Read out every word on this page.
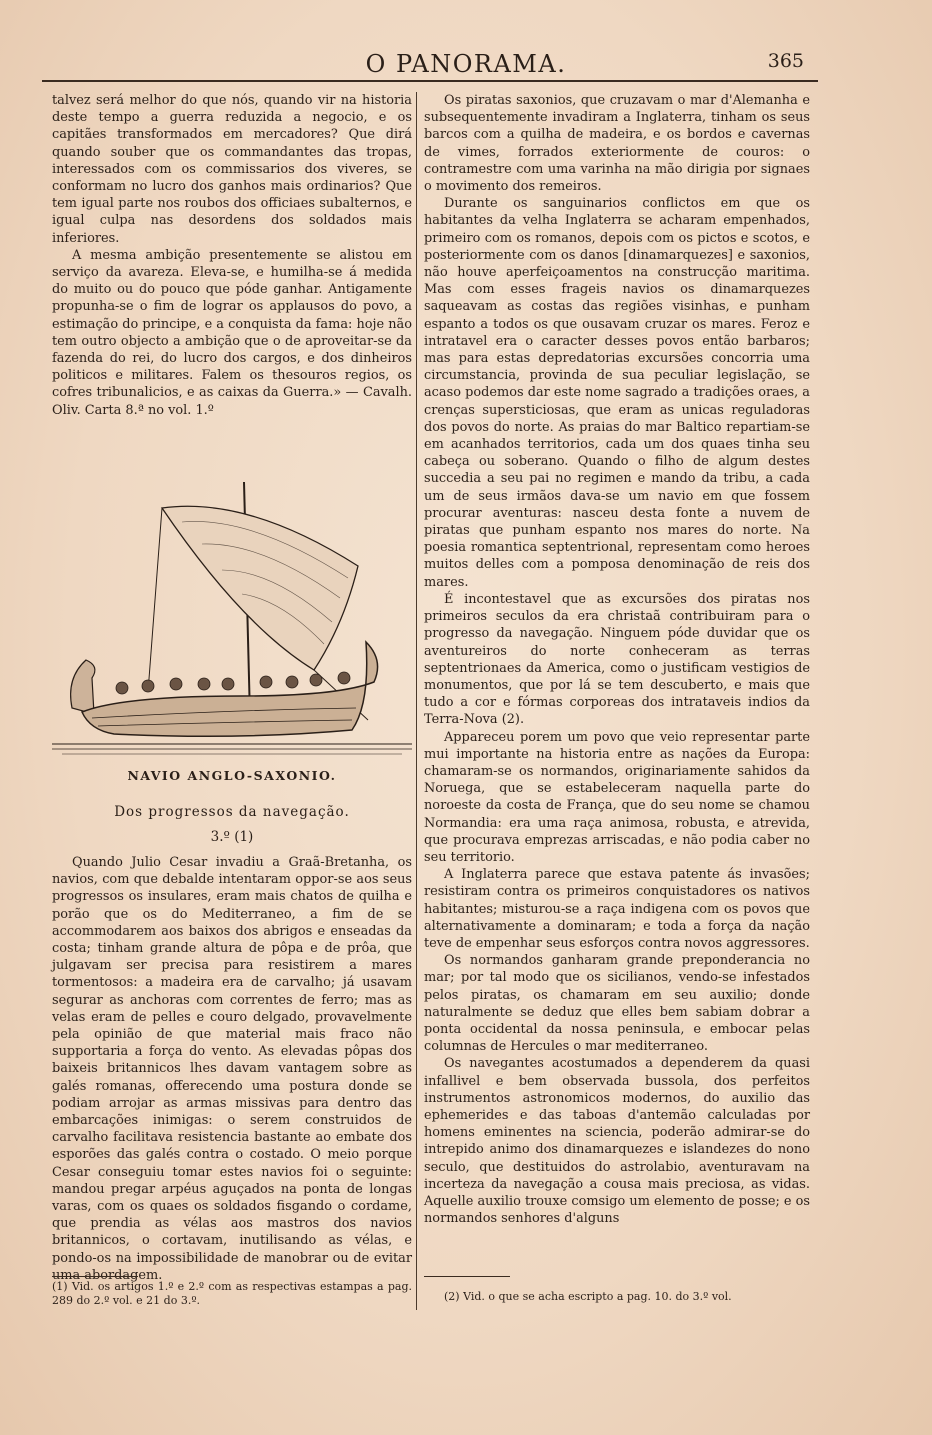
O PANORAMA.	365

talvez será melhor do que nós, quando vir na historia deste tempo a guerra reduzida a negocio, e os capitães transformados em mercadores? Que dirá quando souber que os commandantes das tropas, interessados com os commissarios dos viveres, se conformam no lucro dos ganhos mais ordinarios? Que tem igual parte nos roubos dos officiaes subalternos, e igual culpa nas desordens dos soldados mais inferiores.

A mesma ambição presentemente se alistou em serviço da avareza. Eleva-se, e humilha-se á medida do muito ou do pouco que póde ganhar. Antigamente propunha-se o fim de lograr os applausos do povo, a estimação do principe, e a conquista da fama: hoje não tem outro objecto a ambição que o de aproveitar-se da fazenda do rei, do lucro dos cargos, e dos dinheiros politicos e militares. Falem os thesouros regios, os cofres tribunalicios, e as caixas da Guerra.» — Cavalh. Oliv. Carta 8.ª no vol. 1.º

NAVIO ANGLO-SAXONIO.
Dos progressos da navegação.
3.º (1)

Quando Julio Cesar invadiu a Graã-Bretanha, os navios, com que debalde intentaram oppor-se aos seus progressos os insulares, eram mais chatos de quilha e porão que os do Mediterraneo, a fim de se accommodarem aos baixos dos abrigos e enseadas da costa; tinham grande altura de pôpa e de prôa, que julgavam ser precisa para resistirem a mares tormentosos: a madeira era de carvalho; já usavam segurar as anchoras com correntes de ferro; mas as velas eram de pelles e couro delgado, provavelmente pela opinião de que material mais fraco não supportaria a força do vento. As elevadas pôpas dos baixeis britannicos lhes davam vantagem sobre as galés romanas, offerecendo uma postura donde se podiam arrojar as armas missivas para dentro das embarcações inimigas: o serem construidos de carvalho facilitava resistencia bastante ao embate dos esporões das galés contra o costado. O meio porque Cesar conseguiu tomar estes navios foi o seguinte: mandou pregar arpéus aguçados na ponta de longas varas, com os quaes os soldados fisgando o cordame, que prendia as vélas aos mastros dos navios britannicos, o cortavam, inutilisando as vélas, e pondo-os na impossibilidade de manobrar ou de evitar uma abordagem.

(1) Vid. os artigos 1.º e 2.º com as respectivas estampas a pag. 289 do 2.º vol. e 21 do 3.º.

Os piratas saxonios, que cruzavam o mar d'Alemanha e subsequentemente invadiram a Inglaterra, tinham os seus barcos com a quilha de madeira, e os bordos e cavernas de vimes, forrados exteriormente de couros: o contramestre com uma varinha na mão dirigia por signaes o movimento dos remeiros.

Durante os sanguinarios conflictos em que os habitantes da velha Inglaterra se acharam empenhados, primeiro com os romanos, depois com os pictos e scotos, e posteriormente com os danos [dinamarquezes] e saxonios, não houve aperfeiçoamentos na construcção maritima. Mas com esses frageis navios os dinamarquezes saqueavam as costas das regiões visinhas, e punham espanto a todos os que ousavam cruzar os mares. Feroz e intratavel era o caracter desses povos então barbaros; mas para estas depredatorias excursões concorria uma circumstancia, provinda de sua peculiar legislação, se acaso podemos dar este nome sagrado a tradições oraes, a crenças supersticiosas, que eram as unicas reguladoras dos povos do norte. As praias do mar Baltico repartiam-se em acanhados territorios, cada um dos quaes tinha seu cabeça ou soberano. Quando o filho de algum destes succedia a seu pai no regimen e mando da tribu, a cada um de seus irmãos dava-se um navio em que fossem procurar aventuras: nasceu desta fonte a nuvem de piratas que punham espanto nos mares do norte. Na poesia romantica septentrional, representam como heroes muitos delles com a pomposa denominação de reis dos mares.

É incontestavel que as excursões dos piratas nos primeiros seculos da era christaã contribuiram para o progresso da navegação. Ninguem póde duvidar que os aventureiros do norte conheceram as terras septentrionaes da America, como o justificam vestigios de monumentos, que por lá se tem descuberto, e mais que tudo a cor e fórmas corporeas dos intrataveis indios da Terra-Nova (2).

Appareceu porem um povo que veio representar parte mui importante na historia entre as nações da Europa: chamaram-se os normandos, originariamente sahidos da Noruega, que se estabeleceram naquella parte do noroeste da costa de França, que do seu nome se chamou Normandia: era uma raça animosa, robusta, e atrevida, que procurava emprezas arriscadas, e não podia caber no seu territorio.

A Inglaterra parece que estava patente ás invasões; resistiram contra os primeiros conquistadores os nativos habitantes; misturou-se a raça indigena com os povos que alternativamente a dominaram; e toda a força da nação teve de empenhar seus esforços contra novos aggressores.

Os normandos ganharam grande preponderancia no mar; por tal modo que os sicilianos, vendo-se infestados pelos piratas, os chamaram em seu auxilio; donde naturalmente se deduz que elles bem sabiam dobrar a ponta occidental da nossa peninsula, e embocar pelas columnas de Hercules o mar mediterraneo.

Os navegantes acostumados a dependerem da quasi infallivel e bem observada bussola, dos perfeitos instrumentos astronomicos modernos, do auxilio das ephemerides e das taboas d'antemão calculadas por homens eminentes na sciencia, poderão admirar-se do intrepido animo dos dinamarquezes e islandezes do nono seculo, que destituidos do astrolabio, aventuravam na incerteza da navegação a cousa mais preciosa, as vidas. Aquelle auxilio trouxe comsigo um elemento de posse; e os normandos senhores d'alguns

(2) Vid. o que se acha escripto a pag. 10. do 3.º vol.
